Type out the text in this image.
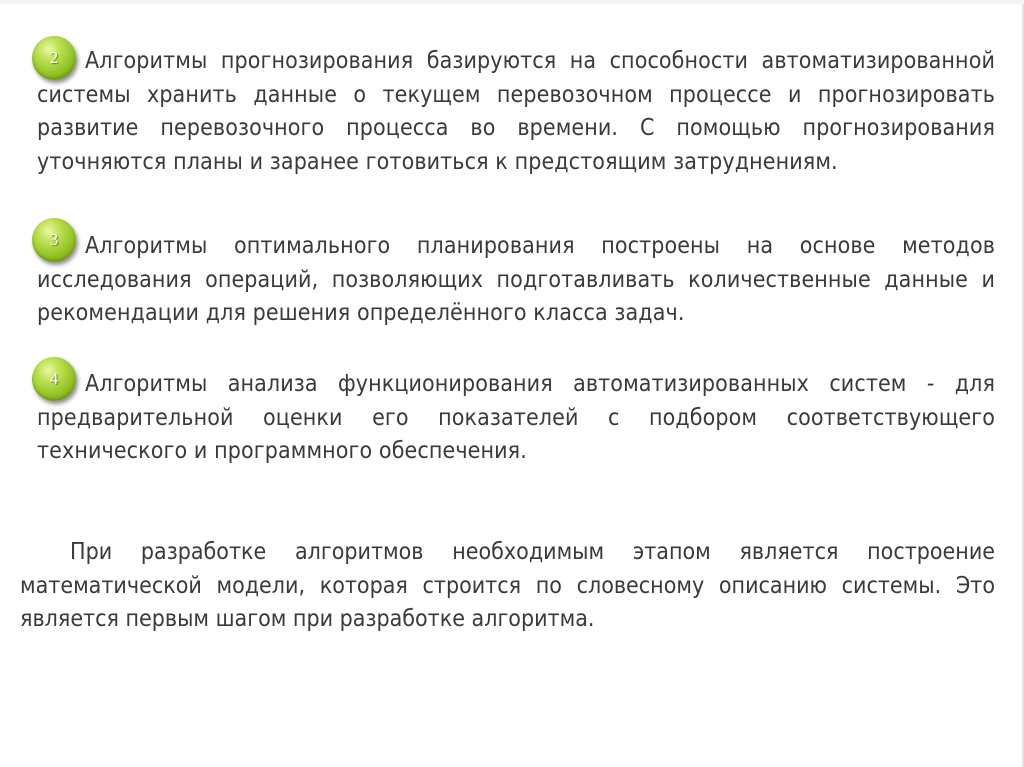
2	Алгоритмы прогнозирования базируются на способности автоматизированной системы хранить данные о текущем перевозочном процессе и прогнозировать развитие перевозочного процесса во времени. С помощью прогнозирования уточняются планы и заранее готовиться к предстоящим затруднениям.

3	Алгоритмы оптимального планирования построены на основе методов исследования операций, позволяющих подготавливать количественные данные и рекомендации для решения определённого класса задач.

4	Алгоритмы анализа функционирования автоматизированных систем - для предварительной оценки его показателей с подбором соответствующего технического и программного обеспечения.

При разработке алгоритмов необходимым этапом является построение математической модели, которая строится по словесному описанию системы. Это является первым шагом при разработке алгоритма.
